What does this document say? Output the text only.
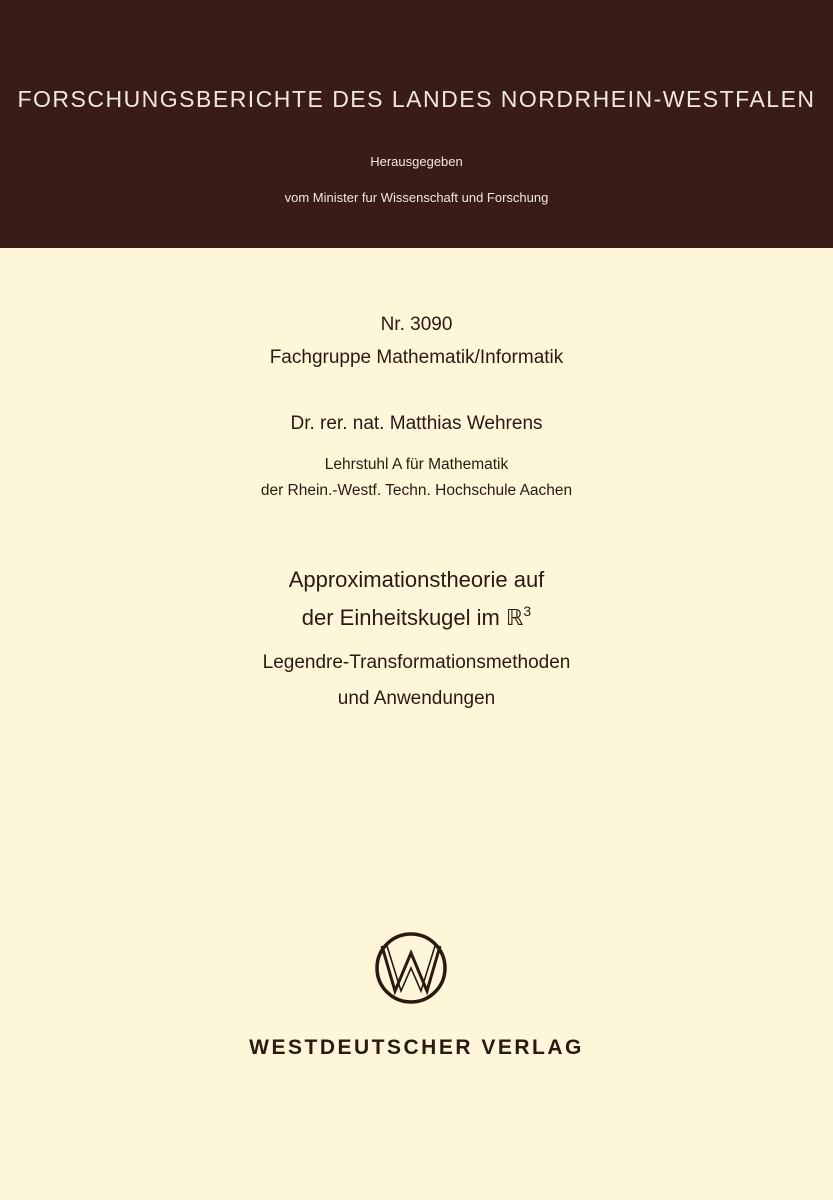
FORSCHUNGSBERICHTE DES LANDES NORDRHEIN-WESTFALEN
Herausgegeben
vom Minister fur Wissenschaft und Forschung
Nr. 3090
Fachgruppe Mathematik/Informatik
Dr. rer. nat. Matthias Wehrens
Lehrstuhl A für Mathematik
der Rhein.-Westf. Techn. Hochschule Aachen
Approximationstheorie auf
der Einheitskugel im ℝ$^3$
Legendre-Transformationsmethoden
und Anwendungen
WESTDEUTSCHER VERLAG
